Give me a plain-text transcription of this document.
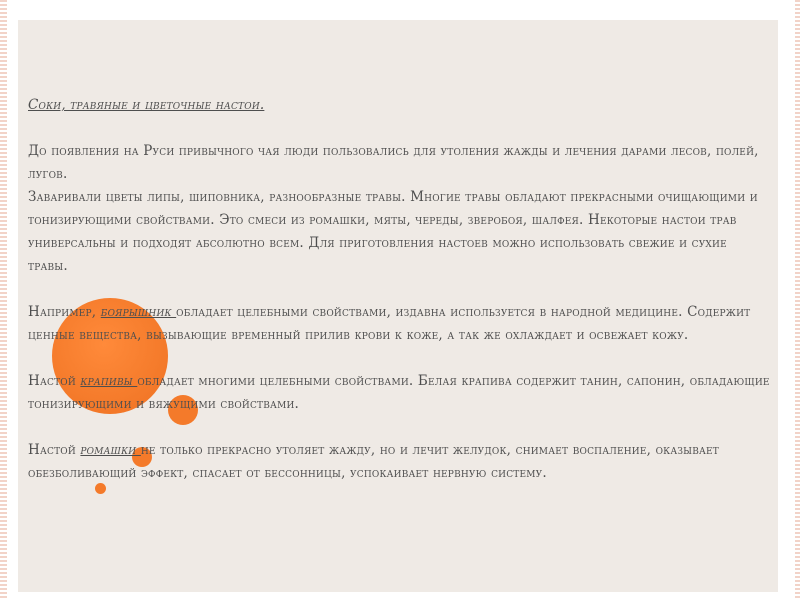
Соки, травяные и цветочные настои.

До появления на Руси привычного чая люди пользовались для утоления жажды и лечения дарами лесов, полей, лугов.

Заваривали цветы липы, шиповника, разнообразные травы. Многие травы обладают прекрасными очищающими и тонизирующими свойствами. Это смеси из ромашки, мяты, череды, зверобоя, шалфея. Некоторые настои трав универсальны и подходят абсолютно всем. Для приготовления настоев можно использовать свежие и сухие травы.

Например, боярышник обладает целебными свойствами, издавна используется в народной медицине. Содержит ценные вещества, вызывающие временный прилив крови к коже, а так же охлаждает и освежает кожу.

Настой крапивы обладает многими целебными свойствами. Белая крапива содержит танин, сапонин, обладающие тонизирующими и вяжущими свойствами.

Настой ромашки не только прекрасно утоляет жажду, но и лечит желудок, снимает воспаление, оказывает обезболивающий эффект, спасает от бессонницы, успокаивает нервную систему.
